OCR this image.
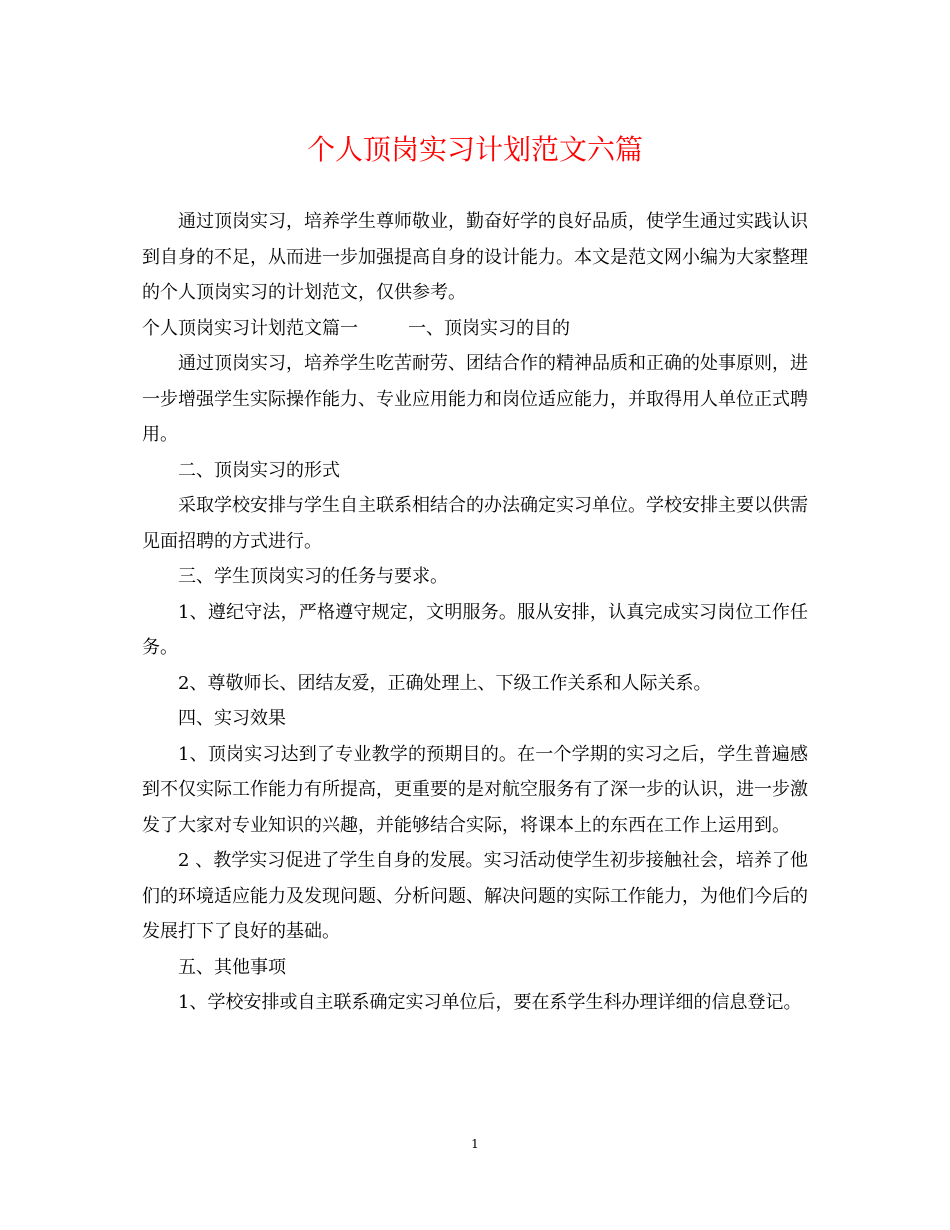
个人顶岗实习计划范文六篇

通过顶岗实习，培养学生尊师敬业，勤奋好学的良好品质，使学生通过实践认识到自身的不足，从而进一步加强提高自身的设计能力。本文是范文网小编为大家整理的个人顶岗实习的计划范文，仅供参考。

个人顶岗实习计划范文篇一	一、顶岗实习的目的

通过顶岗实习，培养学生吃苦耐劳、团结合作的精神品质和正确的处事原则，进一步增强学生实际操作能力、专业应用能力和岗位适应能力，并取得用人单位正式聘用。

二、顶岗实习的形式

采取学校安排与学生自主联系相结合的办法确定实习单位。学校安排主要以供需见面招聘的方式进行。

三、学生顶岗实习的任务与要求。

1、遵纪守法，严格遵守规定，文明服务。服从安排，认真完成实习岗位工作任务。

2、尊敬师长、团结友爱，正确处理上、下级工作关系和人际关系。

四、实习效果

1、顶岗实习达到了专业教学的预期目的。在一个学期的实习之后，学生普遍感到不仅实际工作能力有所提高，更重要的是对航空服务有了深一步的认识，进一步激发了大家对专业知识的兴趣，并能够结合实际，将课本上的东西在工作上运用到。

2 、教学实习促进了学生自身的发展。实习活动使学生初步接触社会，培养了他们的环境适应能力及发现问题、分析问题、解决问题的实际工作能力，为他们今后的发展打下了良好的基础。

五、其他事项

1、学校安排或自主联系确定实习单位后，要在系学生科办理详细的信息登记。

1
